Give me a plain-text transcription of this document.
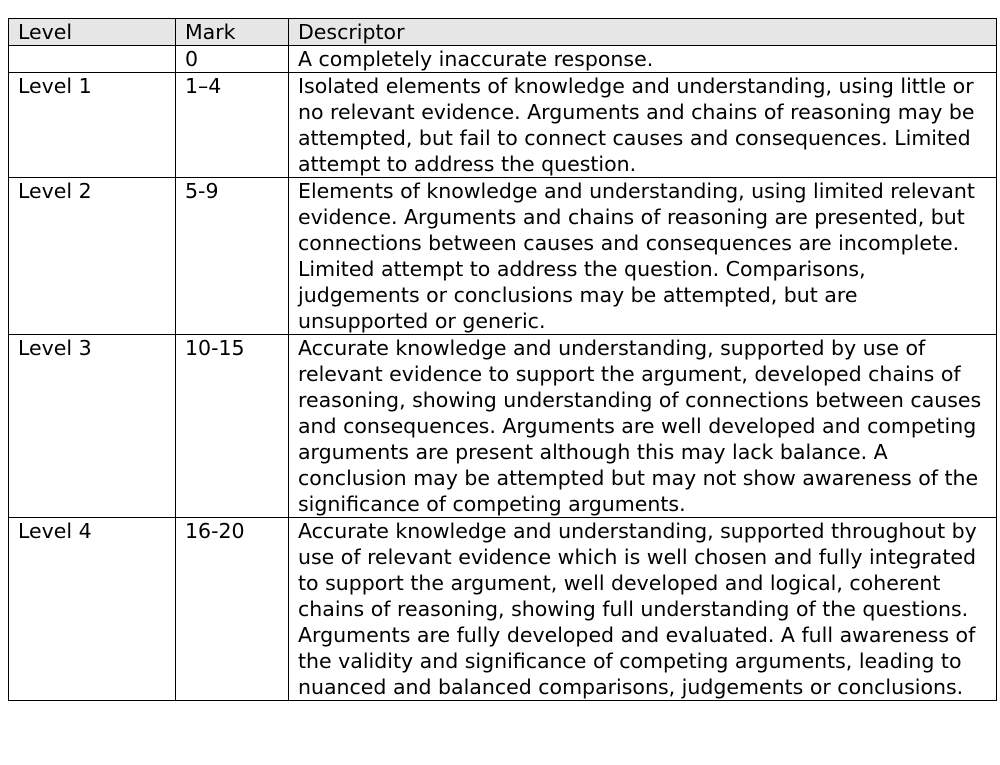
Level	Mark	Descriptor
	0	A completely inaccurate response.
Level 1	1–4	Isolated elements of knowledge and understanding, using little or no relevant evidence. Arguments and chains of reasoning may be attempted, but fail to connect causes and consequences. Limited attempt to address the question.
Level 2	5-9	Elements of knowledge and understanding, using limited relevant evidence. Arguments and chains of reasoning are presented, but connections between causes and consequences are incomplete. Limited attempt to address the question. Comparisons, judgements or conclusions may be attempted, but are unsupported or generic.
Level 3	10-15	Accurate knowledge and understanding, supported by use of relevant evidence to support the argument, developed chains of reasoning, showing understanding of connections between causes and consequences. Arguments are well developed and competing arguments are present although this may lack balance. A conclusion may be attempted but may not show awareness of the significance of competing arguments.
Level 4	16-20	Accurate knowledge and understanding, supported throughout by use of relevant evidence which is well chosen and fully integrated to support the argument, well developed and logical, coherent chains of reasoning, showing full understanding of the questions. Arguments are fully developed and evaluated. A full awareness of the validity and significance of competing arguments, leading to nuanced and balanced comparisons, judgements or conclusions.
